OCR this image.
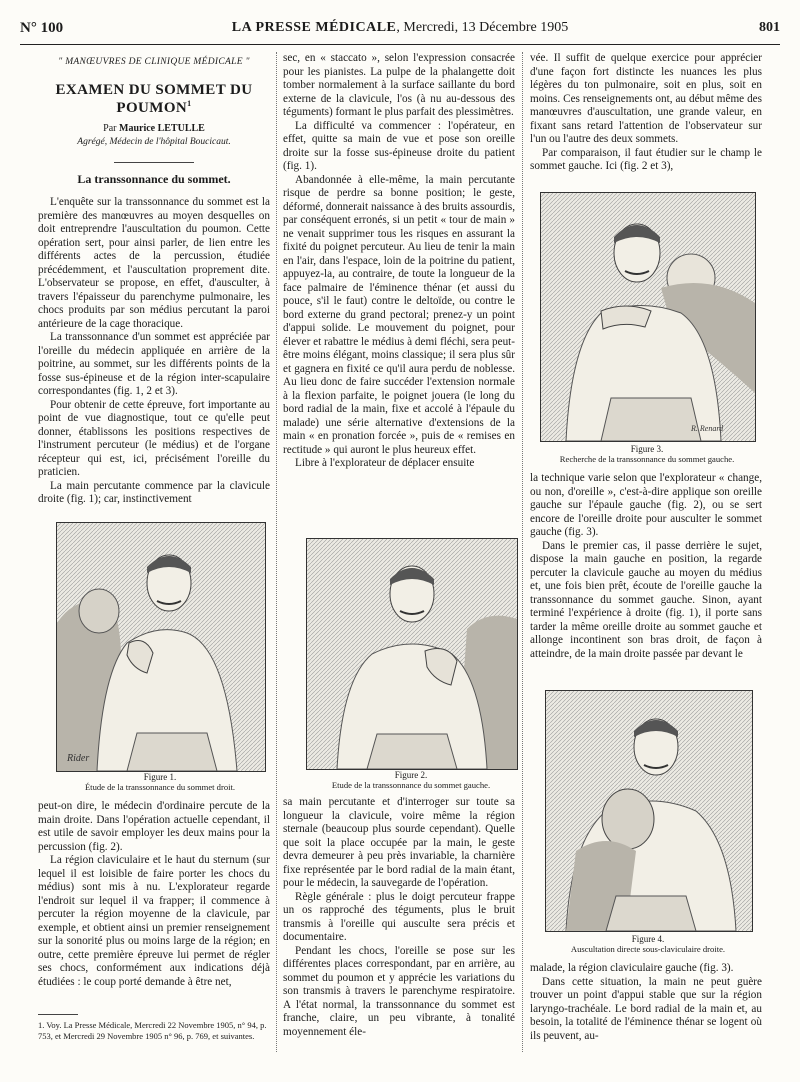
N° 100	LA PRESSE MÉDICALE, Mercredi, 13 Décembre 1905	801
" MANŒUVRES DE CLINIQUE MÉDICALE "
EXAMEN DU SOMMET DU POUMON$^1$
Par Maurice LETULLE
Agrégé, Médecin de l'hôpital Boucicaut.
La transsonnance du sommet.

L'enquête sur la transsonnance du sommet est la première des manœuvres au moyen desquelles on doit entreprendre l'auscultation du poumon. Cette opération sert, pour ainsi parler, de lien entre les différents actes de la percussion, étudiée précédemment, et l'auscultation proprement dite. L'observateur se propose, en effet, d'ausculter, à travers l'épaisseur du parenchyme pulmonaire, les chocs produits par son médius percutant la paroi antérieure de la cage thoracique.

La transsonnance d'un sommet est appréciée par l'oreille du médecin appliquée en arrière de la poitrine, au sommet, sur les différents points de la fosse sus-épineuse et de la région inter-scapulaire correspondantes (fig. 1, 2 et 3).

Pour obtenir de cette épreuve, fort importante au point de vue diagnostique, tout ce qu'elle peut donner, établissons les positions respectives de l'instrument percuteur (le médius) et de l'organe récepteur qui est, ici, précisément l'oreille du praticien.

La main percutante commence par la clavicule droite (fig. 1); car, instinctivement

peut-on dire, le médecin d'ordinaire percute de la main droite. Dans l'opération actuelle cependant, il est utile de savoir employer les deux mains pour la percussion (fig. 2).

La région claviculaire et le haut du sternum (sur lequel il est loisible de faire porter les chocs du médius) sont mis à nu. L'explorateur regarde l'endroit sur lequel il va frapper; il commence à percuter la région moyenne de la clavicule, par exemple, et obtient ainsi un premier renseignement sur la sonorité plus ou moins large de la région; en outre, cette première épreuve lui permet de régler ses chocs, conformément aux indications déjà étudiées : le coup porté demande à être net,

sec, en « staccato », selon l'expression consacrée pour les pianistes. La pulpe de la phalangette doit tomber normalement à la surface saillante du bord externe de la clavicule, l'os (à nu au-dessous des téguments) formant le plus parfait des plessimètres.

La difficulté va commencer : l'opérateur, en effet, quitte sa main de vue et pose son oreille droite sur la fosse sus-épineuse droite du patient (fig. 1).

Abandonnée à elle-même, la main percutante risque de perdre sa bonne position; le geste, déformé, donnerait naissance à des bruits assourdis, par conséquent erronés, si un petit « tour de main » ne venait supprimer tous les risques en assurant la fixité du poignet percuteur. Au lieu de tenir la main en l'air, dans l'espace, loin de la poitrine du patient, appuyez-la, au contraire, de toute la longueur de la face palmaire de l'éminence thénar (et aussi du pouce, s'il le faut) contre le deltoïde, ou contre le bord externe du grand pectoral; prenez-y un point d'appui solide. Le mouvement du poignet, pour élever et rabattre le médius à demi fléchi, sera peut-être moins élégant, moins classique; il sera plus sûr et gagnera en fixité ce qu'il aura perdu de noblesse. Au lieu donc de faire succéder l'extension normale à la flexion parfaite, le poignet jouera (le long du bord radial de la main, fixe et accolé à l'épaule du malade) une série alternative d'extensions de la main « en pronation forcée », puis de « remises en rectitude » qui auront le plus heureux effet.

Libre à l'explorateur de déplacer ensuite

sa main percutante et d'interroger sur toute sa longueur la clavicule, voire même la région sternale (beaucoup plus sourde cependant). Quelle que soit la place occupée par la main, le geste devra demeurer à peu près invariable, la charnière fixe représentée par le bord radial de la main étant, pour le médecin, la sauvegarde de l'opération.

Règle générale : plus le doigt percuteur frappe un os rapproché des téguments, plus le bruit transmis à l'oreille qui ausculte sera précis et documentaire.

Pendant les chocs, l'oreille se pose sur les différentes places correspondant, par en arrière, au sommet du poumon et y apprécie les variations du son transmis à travers le parenchyme respiratoire. A l'état normal, la transsonnance du sommet est franche, claire, un peu vibrante, à tonalité moyennement éle-

vée. Il suffit de quelque exercice pour apprécier d'une façon fort distincte les nuances les plus légères du ton pulmonaire, soit en plus, soit en moins. Ces renseignements ont, au début même des manœuvres d'auscultation, une grande valeur, en fixant sans retard l'attention de l'observateur sur l'un ou l'autre des deux sommets.

Par comparaison, il faut étudier sur le champ le sommet gauche. Ici (fig. 2 et 3),

la technique varie selon que l'explorateur « change, ou non, d'oreille », c'est-à-dire applique son oreille gauche sur l'épaule gauche (fig. 2), ou se sert encore de l'oreille droite pour ausculter le sommet gauche (fig. 3).

Dans le premier cas, il passe derrière le sujet, dispose la main gauche en position, la regarde percuter la clavicule gauche au moyen du médius et, une fois bien prêt, écoute de l'oreille gauche la transsonnance du sommet gauche. Sinon, ayant terminé l'expérience à droite (fig. 1), il porte sans tarder la même oreille droite au sommet gauche et allonge incontinent son bras droit, de façon à atteindre, de la main droite passée par devant le

malade, la région claviculaire gauche (fig. 3).

Dans cette situation, la main ne peut guère trouver un point d'appui stable que sur la région laryngo-trachéale. Le bord radial de la main et, au besoin, la totalité de l'éminence thénar se logent où ils peuvent, au-

Rider
Figure 1.
Étude de la transsonnance du sommet droit.
Figure 2.
Etude de la transsonnance du sommet gauche.
R. Renard
Figure 3.
Recherche de la transsonnance du sommet gauche.
Figure 4.
Auscultation directe sous-claviculaire droite.
1. Voy. La Presse Médicale, Mercredi 22 Novembre 1905, n° 94, p. 753, et Mercredi 29 Novembre 1905 n° 96, p. 769, et suivantes.
